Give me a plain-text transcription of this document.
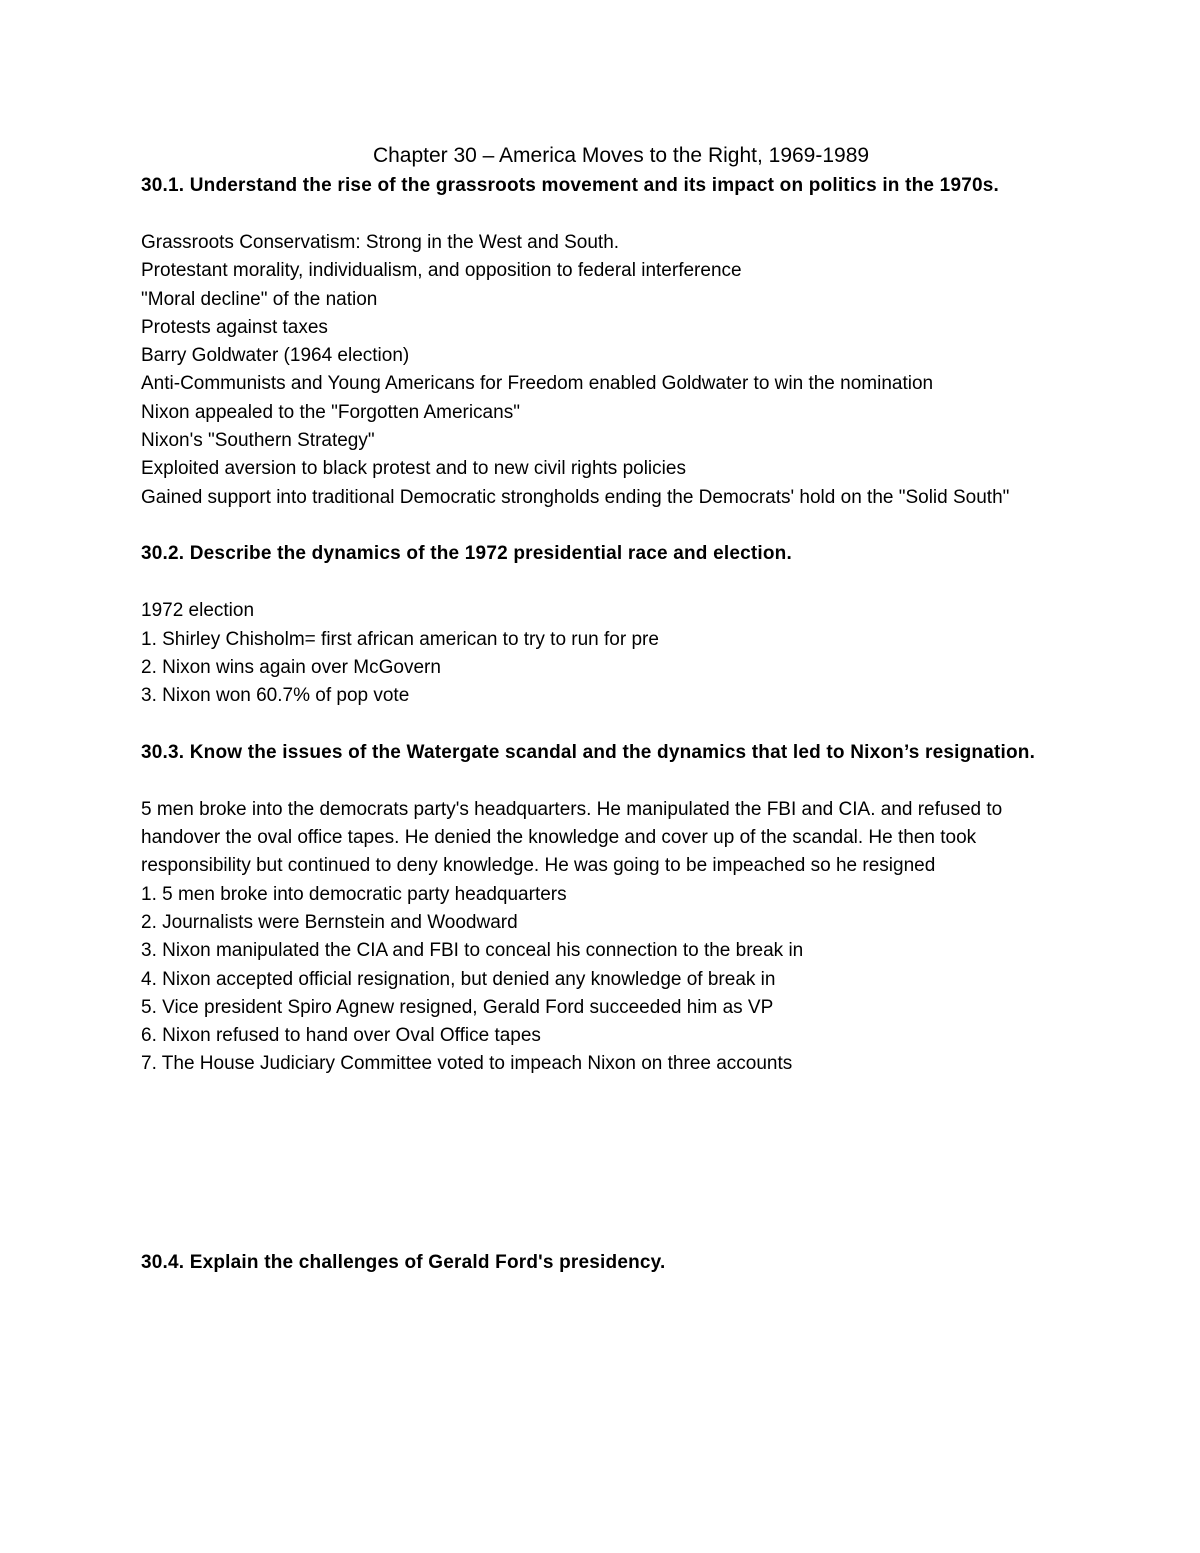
Chapter 30 – America Moves to the Right, 1969-1989

30.1. Understand the rise of the grassroots movement and its impact on politics in the 1970s.

Grassroots Conservatism: Strong in the West and South.

Protestant morality, individualism, and opposition to federal interference

"Moral decline" of the nation

Protests against taxes

Barry Goldwater (1964 election)

Anti-Communists and Young Americans for Freedom enabled Goldwater to win the nomination

Nixon appealed to the "Forgotten Americans"

Nixon's "Southern Strategy"

Exploited aversion to black protest and to new civil rights policies

Gained support into traditional Democratic strongholds ending the Democrats' hold on the "Solid South"

30.2. Describe the dynamics of the 1972 presidential race and election.

1972 election

1. Shirley Chisholm= first african american to try to run for pre

2. Nixon wins again over McGovern

3. Nixon won 60.7% of pop vote

30.3. Know the issues of the Watergate scandal and the dynamics that led to Nixon’s resignation.

5 men broke into the democrats party's headquarters. He manipulated the FBI and CIA. and refused to handover the oval office tapes. He denied the knowledge and cover up of the scandal. He then took responsibility but continued to deny knowledge. He was going to be impeached so he resigned

1. 5 men broke into democratic party headquarters

2. Journalists were Bernstein and Woodward

3. Nixon manipulated the CIA and FBI to conceal his connection to the break in

4. Nixon accepted official resignation, but denied any knowledge of break in

5. Vice president Spiro Agnew resigned, Gerald Ford succeeded him as VP

6. Nixon refused to hand over Oval Office tapes

7. The House Judiciary Committee voted to impeach Nixon on three accounts

30.4. Explain the challenges of Gerald Ford's presidency.
